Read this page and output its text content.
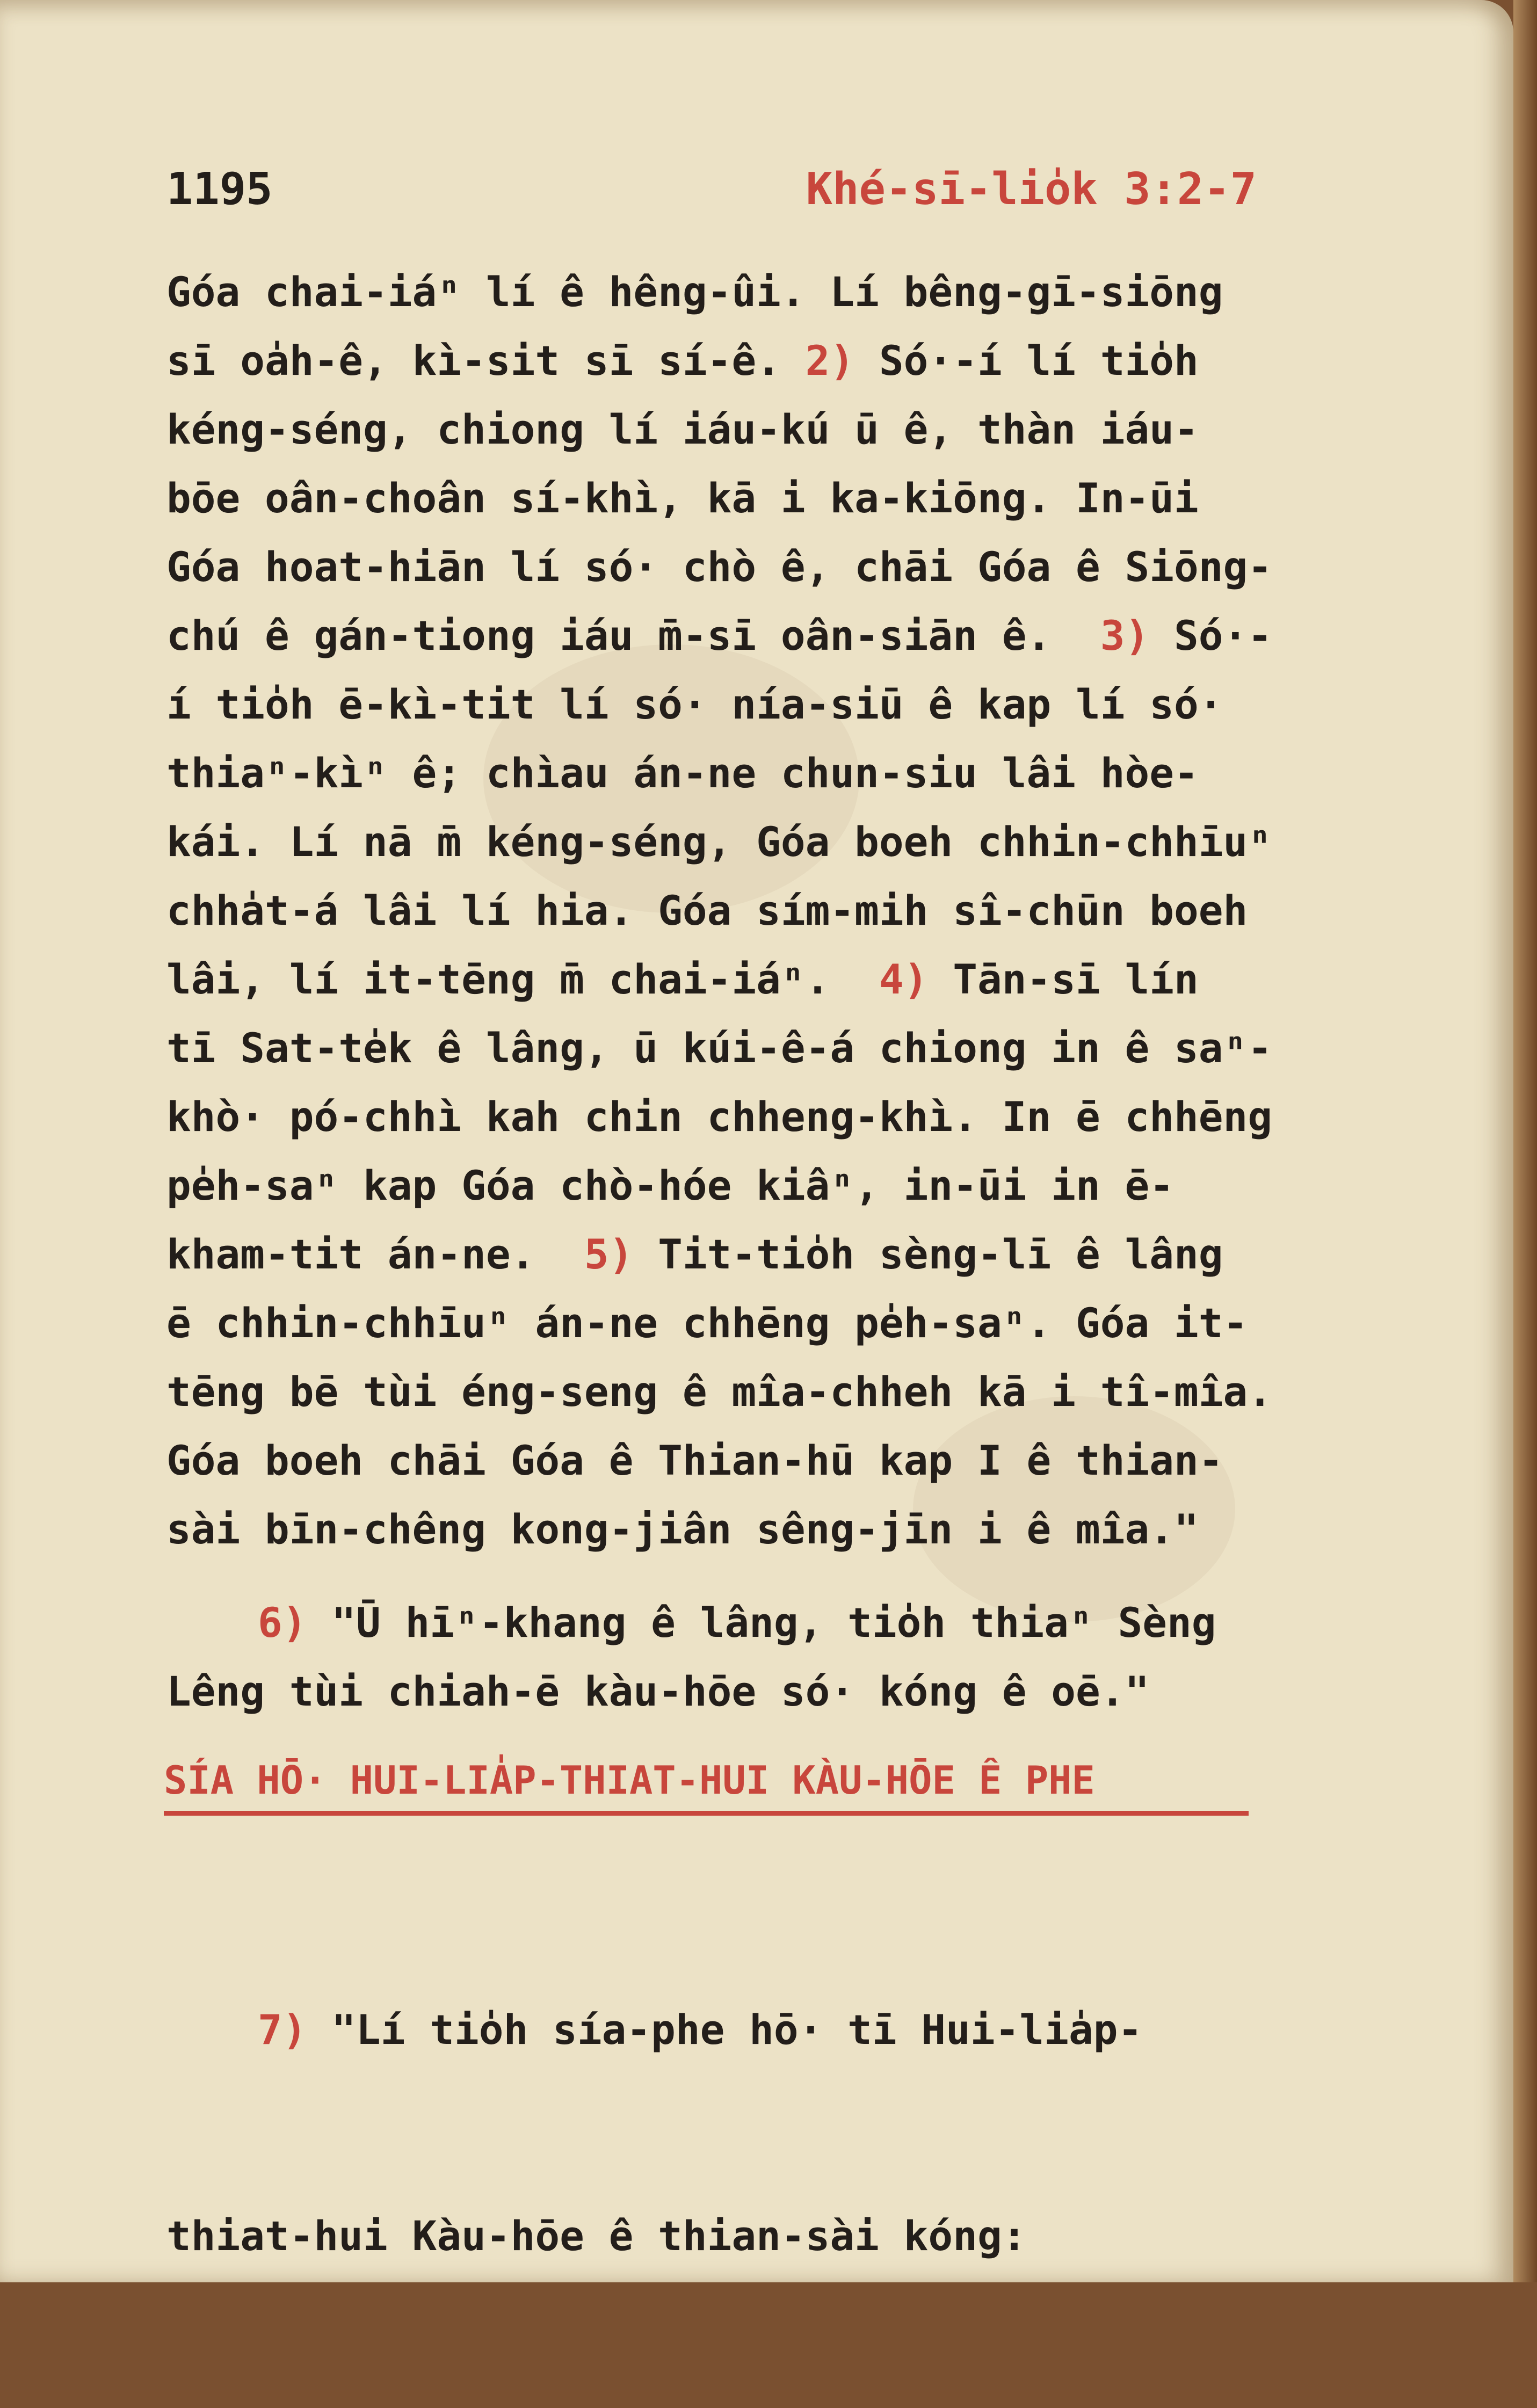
1195	Khé-sī-lio̍k 3:2-7
Góa chai-iáⁿ lí ê hêng-ûi. Lí bêng-gī-siōng
sī oa̍h-ê, kì-sit sī sí-ê. 2) Só·-í lí tio̍h
kéng-séng, chiong lí iáu-kú ū ê, thàn iáu-
bōe oân-choân sí-khì, kā i ka-kiōng. In-ūi
Góa hoat-hiān lí só· chò ê, chāi Góa ê Siōng-
chú ê gán-tiong iáu m̄-sī oân-siān ê.  3) Só·-
í tio̍h ē-kì-tit lí só· nía-siū ê kap lí só·
thiaⁿ-kìⁿ ê; chìau án-ne chun-siu lâi hòe-
kái. Lí nā m̄ kéng-séng, Góa boeh chhin-chhīuⁿ
chha̍t-á lâi lí hia. Góa sím-mih sî-chūn boeh
lâi, lí it-tēng m̄ chai-iáⁿ.  4) Tān-sī lín
tī Sat-te̍k ê lâng, ū kúi-ê-á chiong in ê saⁿ-
khò· pó-chhì kah chin chheng-khì. In ē chhēng
pe̍h-saⁿ kap Góa chò-hóe kiâⁿ, in-ūi in ē-
kham-tit án-ne.  5) Tit-tio̍h sèng-lī ê lâng
ē chhin-chhīuⁿ án-ne chhēng pe̍h-saⁿ. Góa it-
tēng bē tùi éng-seng ê mîa-chheh kā i tî-mîa.
Góa boeh chāi Góa ê Thian-hū kap I ê thian-
sài bīn-chêng kong-jiân sêng-jīn i ê mîa."
6) "Ū hīⁿ-khang ê lâng, tio̍h thiaⁿ Sèng
Lêng tùi chiah-ē kàu-hōe só· kóng ê oē."
SÍA HŌ· HUI-LIA̍P-THIAT-HUI KÀU-HŌE Ê PHE

7) "Lí tio̍h sía-phe hō· tī Hui-lia̍p-

thiat-hui Kàu-hōe ê thian-sài kóng:
